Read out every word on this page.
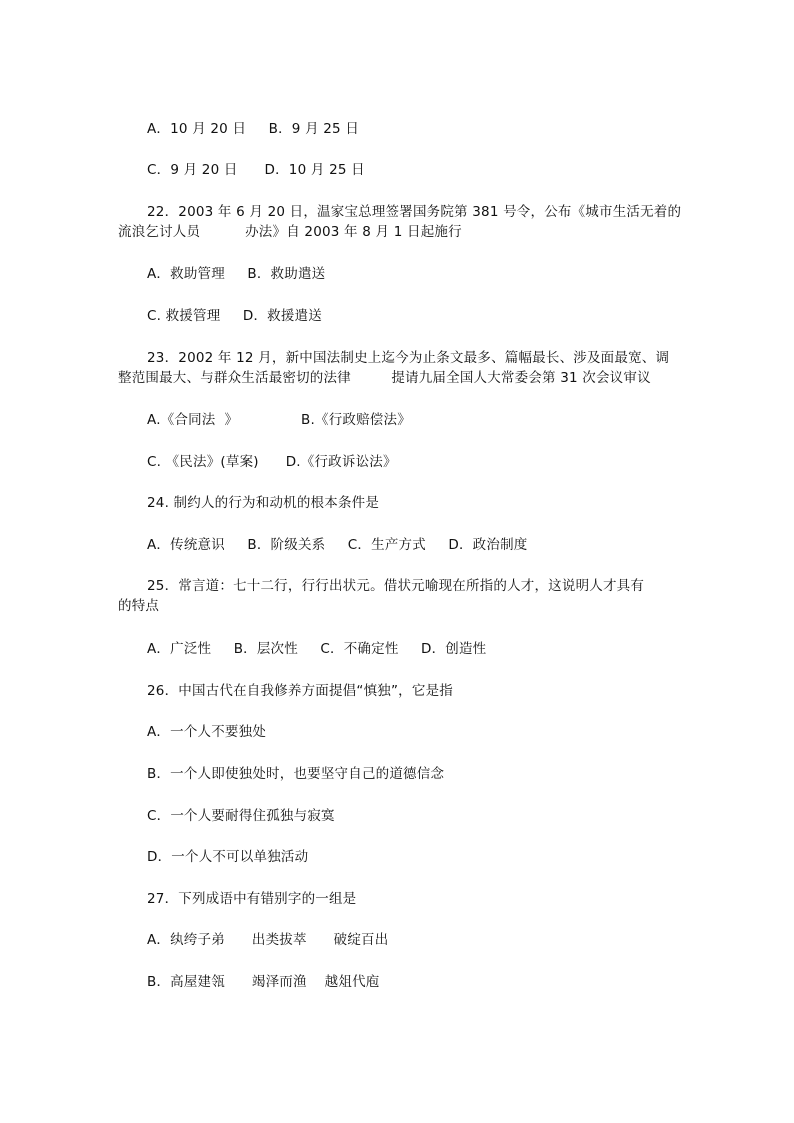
A．10 月 20 日     B．9 月 25 日
C．9 月 20 日      D．10 月 25 日
22．2003 年 6 月 20 日，温家宝总理签署国务院第 381 号令，公布《城市生活无着的
流浪乞讨人员          办法》自 2003 年 8 月 1 日起施行
A．救助管理     B．救助遣送
C. 救援管理     D．救援遣送
23．2002 年 12 月，新中国法制史上迄今为止条文最多、篇幅最长、涉及面最宽、调
整范围最大、与群众生活最密切的法律         提请九届全国人大常委会第 31 次会议审议
A.《合同法  》              B.《行政赔偿法》
C. 《民法》(草案)      D.《行政诉讼法》
24. 制约人的行为和动机的根本条件是
A．传统意识     B．阶级关系     C．生产方式     D．政治制度
25．常言道：七十二行，行行出状元。借状元喻现在所指的人才，这说明人才具有
的特点
A．广泛性     B．层次性     C．不确定性     D．创造性
26．中国古代在自我修养方面提倡“慎独”，它是指
A．一个人不要独处
B．一个人即使独处时，也要坚守自己的道德信念
C．一个人要耐得住孤独与寂寞
D．一个人不可以单独活动
27．下列成语中有错别字的一组是
A．纨绔子弟      出类拔萃      破绽百出
B．高屋建瓴      竭泽而渔    越俎代庖
